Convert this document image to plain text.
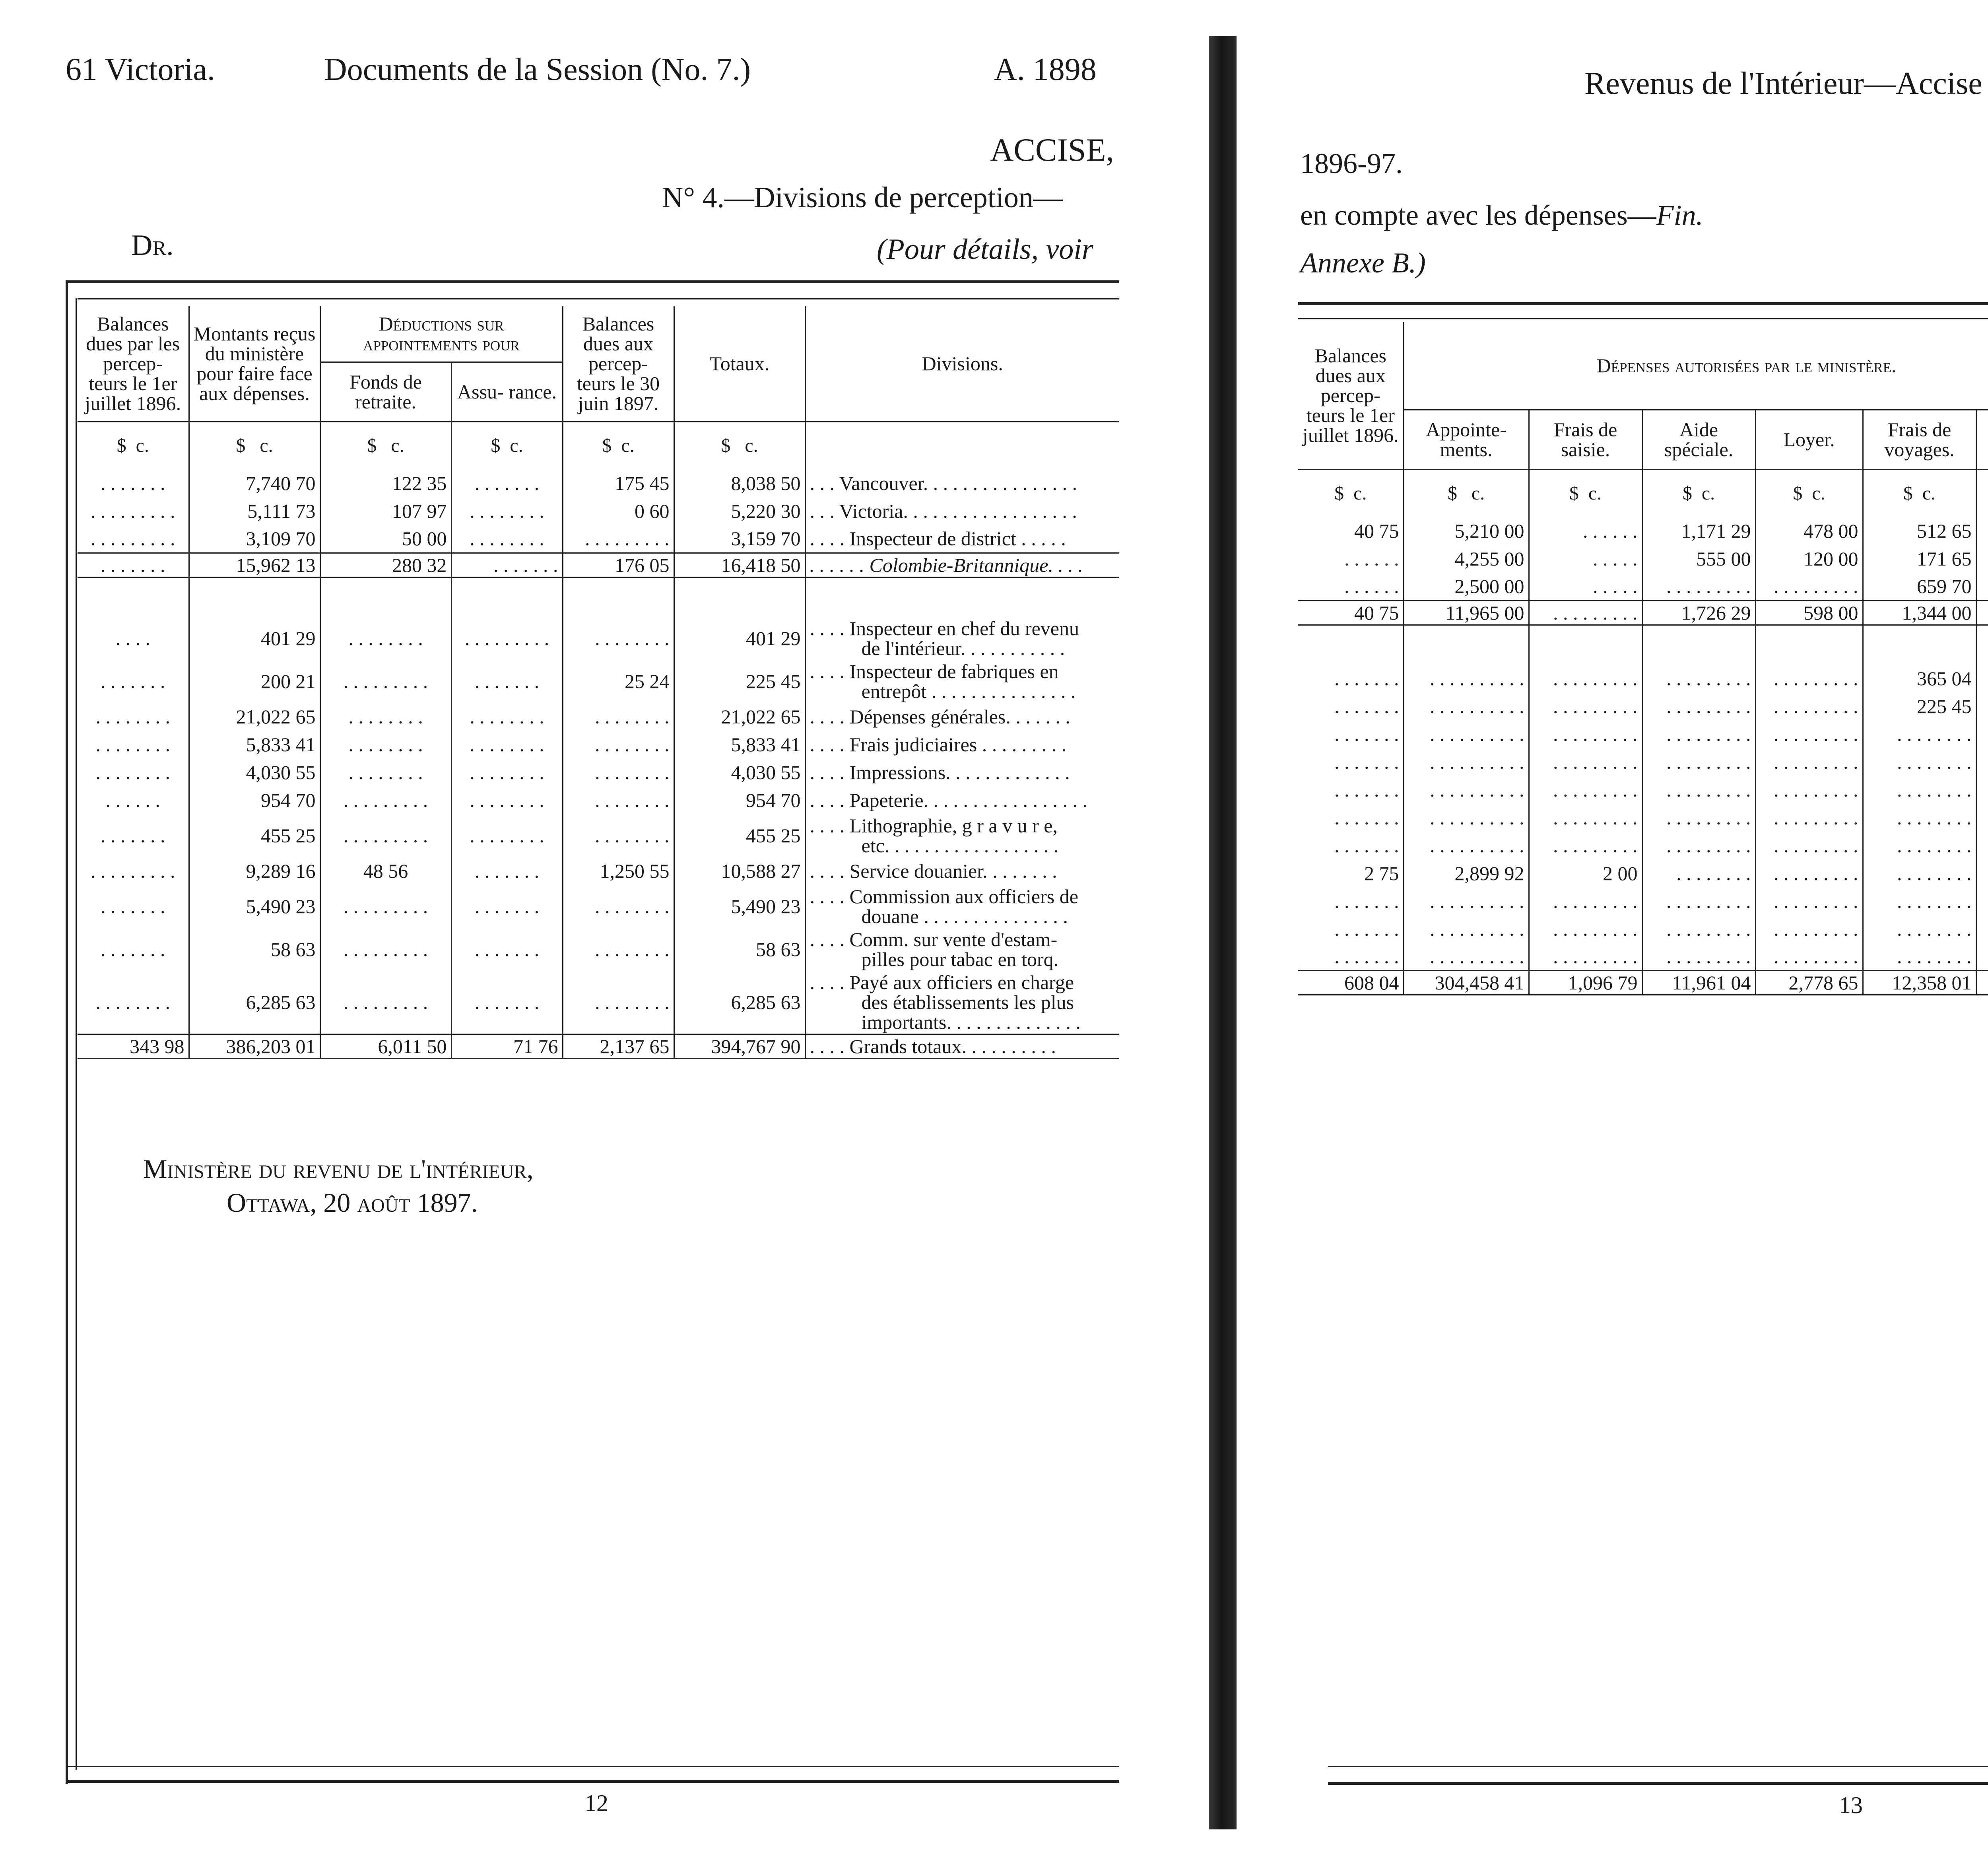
61 Victoria.	Documents de la Session (No. 7.)	A. 1898
ACCISE,
N° 4.—Divisions de perception—
(Pour détails, voir
Dr.
Balances dues par les percep- teurs le 1er juillet 1896.	Montants reçus du ministère pour faire face aux dépenses.	Déductions sur appointements pour		Balances dues aux percep- teurs le 30 juin 1897.	Totaux.	Divisions.
		Fonds de retraite.	Assu- rance.			
$ c.	$ c.	$ c.	$ c.	$ c.	$ c.	
. . . . . . .	7,740 70	122 35	. . . . . . .	175 45	8,038 50	. . . Vancouver. . . . . . . . . . . . . . . .

. . . . . . . . .	5,111 73	107 97	. . . . . . . .	0 60	5,220 30	. . . Victoria. . . . . . . . . . . . . . . . . .

. . . . . . . . .	3,109 70	50 00	. . . . . . . .	. . . . . . . . .	3,159 70	. . . . Inspecteur de district . . . . .

. . . . . . .	15,962 13	280 32	. . . . . . .	176 05	16,418 50	. . . . . . Colombie-Britannique. . . .

. . . .	401 29	. . . . . . . .	. . . . . . . . .	. . . . . . . .	401 29	. . . . Inspecteur en chef du revenu
de l'intérieur. . . . . . . . . . .

. . . . . . .	200 21	. . . . . . . . .	. . . . . . .	25 24	225 45	. . . . Inspecteur de fabriques en
entrepôt . . . . . . . . . . . . . . .

. . . . . . . .	21,022 65	. . . . . . . .	. . . . . . . .	. . . . . . . .	21,022 65	. . . . Dépenses générales. . . . . . .

. . . . . . . .	5,833 41	. . . . . . . .	. . . . . . . .	. . . . . . . .	5,833 41	. . . . Frais judiciaires . . . . . . . . .

. . . . . . . .	4,030 55	. . . . . . . .	. . . . . . . .	. . . . . . . .	4,030 55	. . . . Impressions. . . . . . . . . . . . .

. . . . . .	954 70	. . . . . . . . .	. . . . . . . .	. . . . . . . .	954 70	. . . . Papeterie. . . . . . . . . . . . . . . . .

. . . . . . .	455 25	. . . . . . . . .	. . . . . . . .	. . . . . . . .	455 25	. . . . Lithographie, g r a v u r e,
etc. . . . . . . . . . . . . . . . . .

. . . . . . . . .	9,289 16	48 56	. . . . . . .	1,250 55	10,588 27	. . . . Service douanier. . . . . . . .

. . . . . . .	5,490 23	. . . . . . . . .	. . . . . . .	. . . . . . . .	5,490 23	. . . . Commission aux officiers de
douane . . . . . . . . . . . . . . .

. . . . . . .	58 63	. . . . . . . . .	. . . . . . .	. . . . . . . .	58 63	. . . . Comm. sur vente d'estam-
pilles pour tabac en torq.

. . . . . . . .	6,285 63	. . . . . . . . .	. . . . . . .	. . . . . . . .	6,285 63	. . . . Payé aux officiers en charge
des établissements les plus
importants. . . . . . . . . . . . . .

343 98	386,203 01	6,011 50	71 76	2,137 65	394,767 90	. . . . Grands totaux. . . . . . . . . .
Ministère du revenu de l'intérieur,
Ottawa, 20 août 1897.
12
Revenus de l'Intérieur—Accise
1896-97.
en compte avec les dépenses—Fin.
Annexe B.)
Balances dues aux percep- teurs le 1er juillet 1896.	Dépenses autorisées par le ministère.		
	Appointe- ments.	Frais de saisie.	Aide spéciale.	Loyer.	Frais de voyages.	
$ c.	$ c.	$ c.	$ c.	$ c.	$ c.			
40 75	5,210 00	. . . . . .	1,171 29	478 00	512 65			
. . . . . .	4,255 00	. . . . .	555 00	120 00	171 65			
. . . . . .	2,500 00	. . . . .	. . . . . . . . .	. . . . . . . . .	659 70			
40 75	11,965 00	. . . . . . . . .	1,726 29	598 00	1,344 00			

. . . . . . .	. . . . . . . . . .	. . . . . . . . .	. . . . . . . . .	. . . . . . . . .	365 04			
. . . . . . .	. . . . . . . . . .	. . . . . . . . .	. . . . . . . . .	. . . . . . . . .	225 45			
. . . . . . .	. . . . . . . . . .	. . . . . . . . .	. . . . . . . . .	. . . . . . . . .	. . . . . . . .			
. . . . . . .	. . . . . . . . . .	. . . . . . . . .	. . . . . . . . .	. . . . . . . . .	. . . . . . . .			
. . . . . . .	. . . . . . . . . .	. . . . . . . . .	. . . . . . . . .	. . . . . . . . .	. . . . . . . .			
. . . . . . .	. . . . . . . . . .	. . . . . . . . .	. . . . . . . . .	. . . . . . . . .	. . . . . . . .			
. . . . . . .	. . . . . . . . . .	. . . . . . . . .	. . . . . . . . .	. . . . . . . . .	. . . . . . . .			
2 75	2,899 92	2 00	. . . . . . . .	. . . . . . . . .	. . . . . . . .			
. . . . . . .	. . . . . . . . . .	. . . . . . . . .	. . . . . . . . .	. . . . . . . . .	. . . . . . . .			
. . . . . . .	. . . . . . . . . .	. . . . . . . . .	. . . . . . . . .	. . . . . . . . .	. . . . . . . .			
. . . . . . .	. . . . . . . . . .	. . . . . . . . .	. . . . . . . . .	. . . . . . . . .	. . . . . . . .			
608 04	304,458 41	1,096 79	11,961 04	2,778 65	12,358 01			
13
